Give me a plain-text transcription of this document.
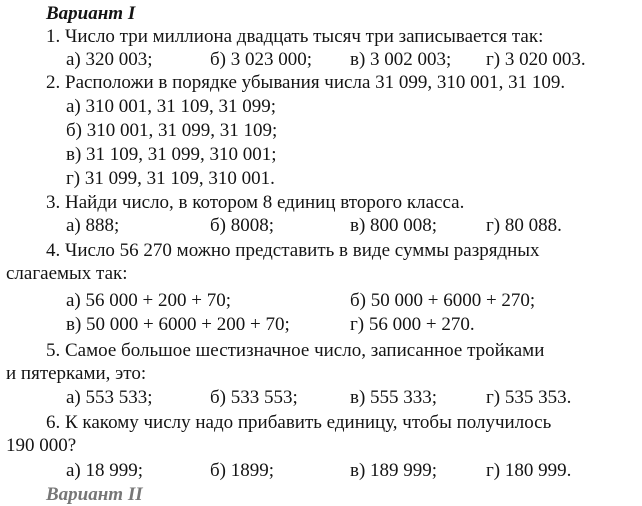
Вариант I
1. Число три миллиона двадцать тысяч три записывается так:
а) 320 003;	б) 3 023 000; в) 3 002 003; г) 3 020 003.
2. Расположи в порядке убывания числа 31 099, 310 001, 31 109.
а) 310 001, 31 109, 31 099;
б) 310 001, 31 099, 31 109;
в) 31 109, 31 099, 310 001;
г) 31 099, 31 109, 310 001.
3. Найди число, в котором 8 единиц второго класса.
а) 888;	б) 8008;	в) 800 008;	г) 80 088.
4. Число 56 270 можно представить в виде суммы разрядных
слагаемых так:
а) 56 000 + 200 + 70;	б) 50 000 + 6000 + 270;
в) 50 000 + 6000 + 200 + 70;	г) 56 000 + 270.
5. Самое большое шестизначное число, записанное тройками
и пятерками, это:
а) 553 533;	б) 533 553;	в) 555 333;	г) 535 353.
6. К какому числу надо прибавить единицу, чтобы получилось
190 000?
а) 18 999;	б) 1899;	в) 189 999;	г) 180 999.
Вариант II
